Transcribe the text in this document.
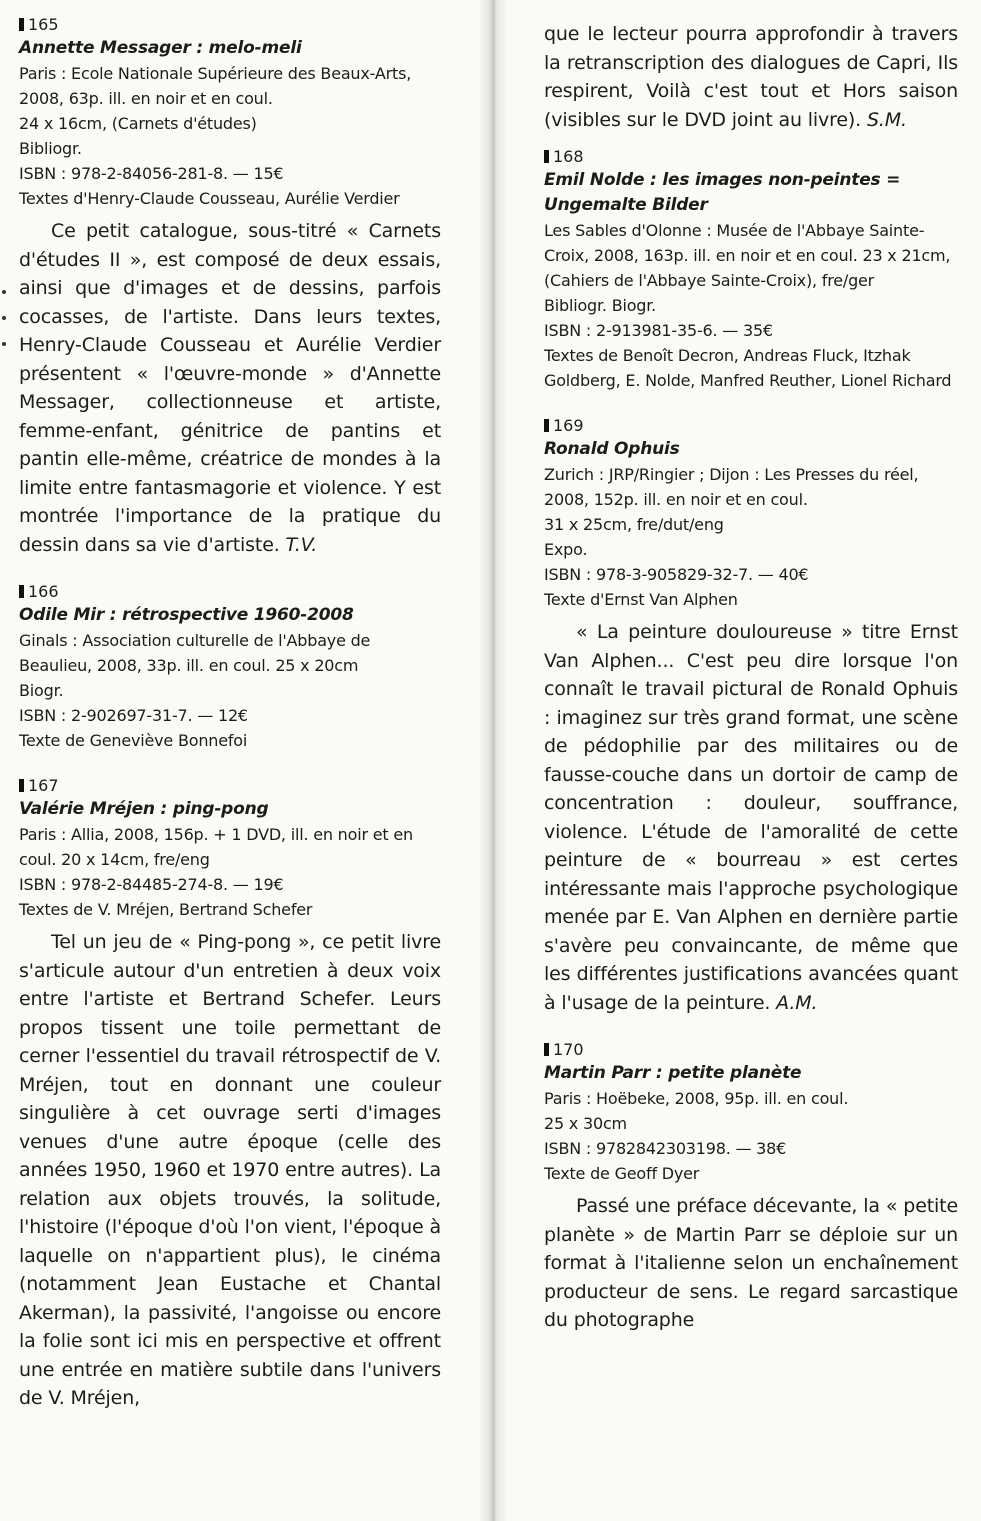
165
Annette Messager : melo-meli

Paris : Ecole Nationale Supérieure des Beaux-Arts, 2008, 63p. ill. en noir et en coul.

24 x 16cm, (Carnets d'études)

Bibliogr.

ISBN : 978-2-84056-281-8. — 15€

Textes d'Henry-Claude Cousseau, Aurélie Verdier

Ce petit catalogue, sous-titré « Carnets d'études II », est composé de deux essais, ainsi que d'images et de dessins, parfois cocasses, de l'artiste. Dans leurs textes, Henry-Claude Cousseau et Aurélie Verdier présentent « l'œuvre-monde » d'Annette Messager, collectionneuse et artiste, femme-enfant, génitrice de pantins et pantin elle-même, créatrice de mondes à la limite entre fantasmagorie et violence. Y est montrée l'importance de la pratique du dessin dans sa vie d'artiste. T.V.

166
Odile Mir : rétrospective 1960-2008

Ginals : Association culturelle de l'Abbaye de Beaulieu, 2008, 33p. ill. en coul. 25 x 20cm

Biogr.

ISBN : 2-902697-31-7. — 12€

Texte de Geneviève Bonnefoi

167
Valérie Mréjen : ping-pong

Paris : Allia, 2008, 156p. + 1 DVD, ill. en noir et en coul. 20 x 14cm, fre/eng

ISBN : 978-2-84485-274-8. — 19€

Textes de V. Mréjen, Bertrand Schefer

Tel un jeu de « Ping-pong », ce petit livre s'articule autour d'un entretien à deux voix entre l'artiste et Bertrand Schefer. Leurs propos tissent une toile permettant de cerner l'essentiel du travail rétrospectif de V. Mréjen, tout en donnant une couleur singulière à cet ouvrage serti d'images venues d'une autre époque (celle des années 1950, 1960 et 1970 entre autres). La relation aux objets trouvés, la solitude, l'histoire (l'époque d'où l'on vient, l'époque à laquelle on n'appartient plus), le cinéma (notamment Jean Eustache et Chantal Akerman), la passivité, l'angoisse ou encore la folie sont ici mis en perspective et offrent une entrée en matière subtile dans l'univers de V. Mréjen,

que le lecteur pourra approfondir à travers la retranscription des dialogues de Capri, Ils respirent, Voilà c'est tout et Hors saison (visibles sur le DVD joint au livre). S.M.

168
Emil Nolde : les images non-peintes = Ungemalte Bilder

Les Sables d'Olonne : Musée de l'Abbaye Sainte-Croix, 2008, 163p. ill. en noir et en coul. 23 x 21cm, (Cahiers de l'Abbaye Sainte-Croix), fre/ger

Bibliogr. Biogr.

ISBN : 2-913981-35-6. — 35€

Textes de Benoît Decron, Andreas Fluck, Itzhak Goldberg, E. Nolde, Manfred Reuther, Lionel Richard

169
Ronald Ophuis

Zurich : JRP/Ringier ; Dijon : Les Presses du réel, 2008, 152p. ill. en noir et en coul.

31 x 25cm, fre/dut/eng

Expo.

ISBN : 978-3-905829-32-7. — 40€

Texte d'Ernst Van Alphen

« La peinture douloureuse » titre Ernst Van Alphen... C'est peu dire lorsque l'on connaît le travail pictural de Ronald Ophuis : imaginez sur très grand format, une scène de pédophilie par des militaires ou de fausse-couche dans un dortoir de camp de concentration : douleur, souffrance, violence. L'étude de l'amoralité de cette peinture de « bourreau » est certes intéressante mais l'approche psychologique menée par E. Van Alphen en dernière partie s'avère peu convaincante, de même que les différentes justifications avancées quant à l'usage de la peinture. A.M.

170
Martin Parr : petite planète

Paris : Hoëbeke, 2008, 95p. ill. en coul.

25 x 30cm

ISBN : 9782842303198. — 38€

Texte de Geoff Dyer

Passé une préface décevante, la « petite planète » de Martin Parr se déploie sur un format à l'italienne selon un enchaînement producteur de sens. Le regard sarcastique du photographe
